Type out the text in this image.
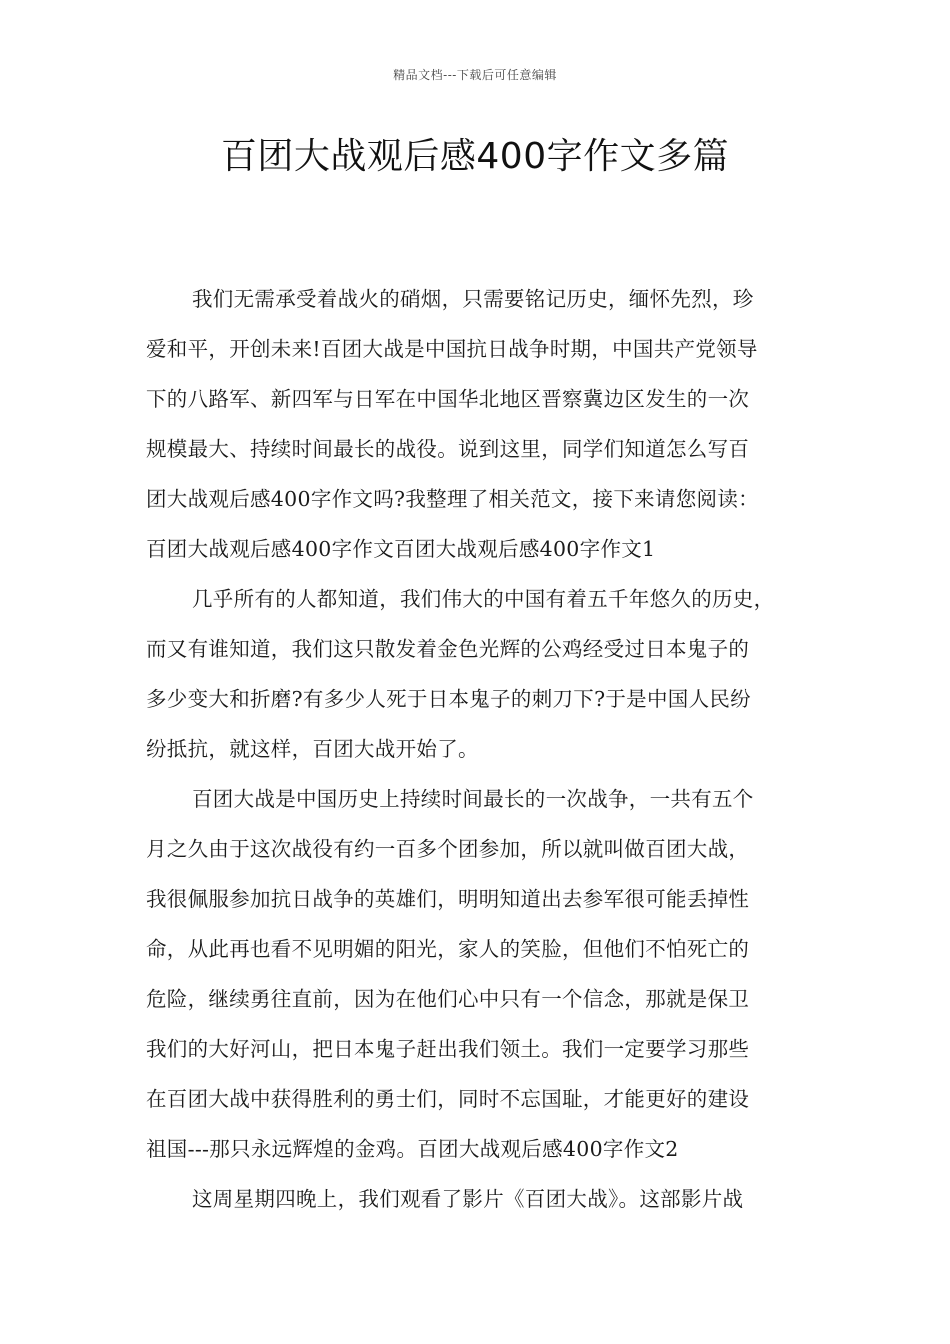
精品文档---下载后可任意编辑
百团大战观后感400字作文多篇
我们无需承受着战火的硝烟，只需要铭记历史，缅怀先烈，珍
爱和平，开创未来!百团大战是中国抗日战争时期，中国共产党领导
下的八路军、新四军与日军在中国华北地区晋察冀边区发生的一次
规模最大、持续时间最长的战役。说到这里，同学们知道怎么写百
团大战观后感400字作文吗?我整理了相关范文，接下来请您阅读：
百团大战观后感400字作文百团大战观后感400字作文1
几乎所有的人都知道，我们伟大的中国有着五千年悠久的历史，
而又有谁知道，我们这只散发着金色光辉的公鸡经受过日本鬼子的
多少变大和折磨?有多少人死于日本鬼子的刺刀下?于是中国人民纷
纷抵抗，就这样，百团大战开始了。
百团大战是中国历史上持续时间最长的一次战争，一共有五个
月之久由于这次战役有约一百多个团参加，所以就叫做百团大战，
我很佩服参加抗日战争的英雄们，明明知道出去参军很可能丢掉性
命，从此再也看不见明媚的阳光，家人的笑脸，但他们不怕死亡的
危险，继续勇往直前，因为在他们心中只有一个信念，那就是保卫
我们的大好河山，把日本鬼子赶出我们领土。我们一定要学习那些
在百团大战中获得胜利的勇士们，同时不忘国耻，才能更好的建设
祖国---那只永远辉煌的金鸡。百团大战观后感400字作文2
这周星期四晚上，我们观看了影片《百团大战》。这部影片战
